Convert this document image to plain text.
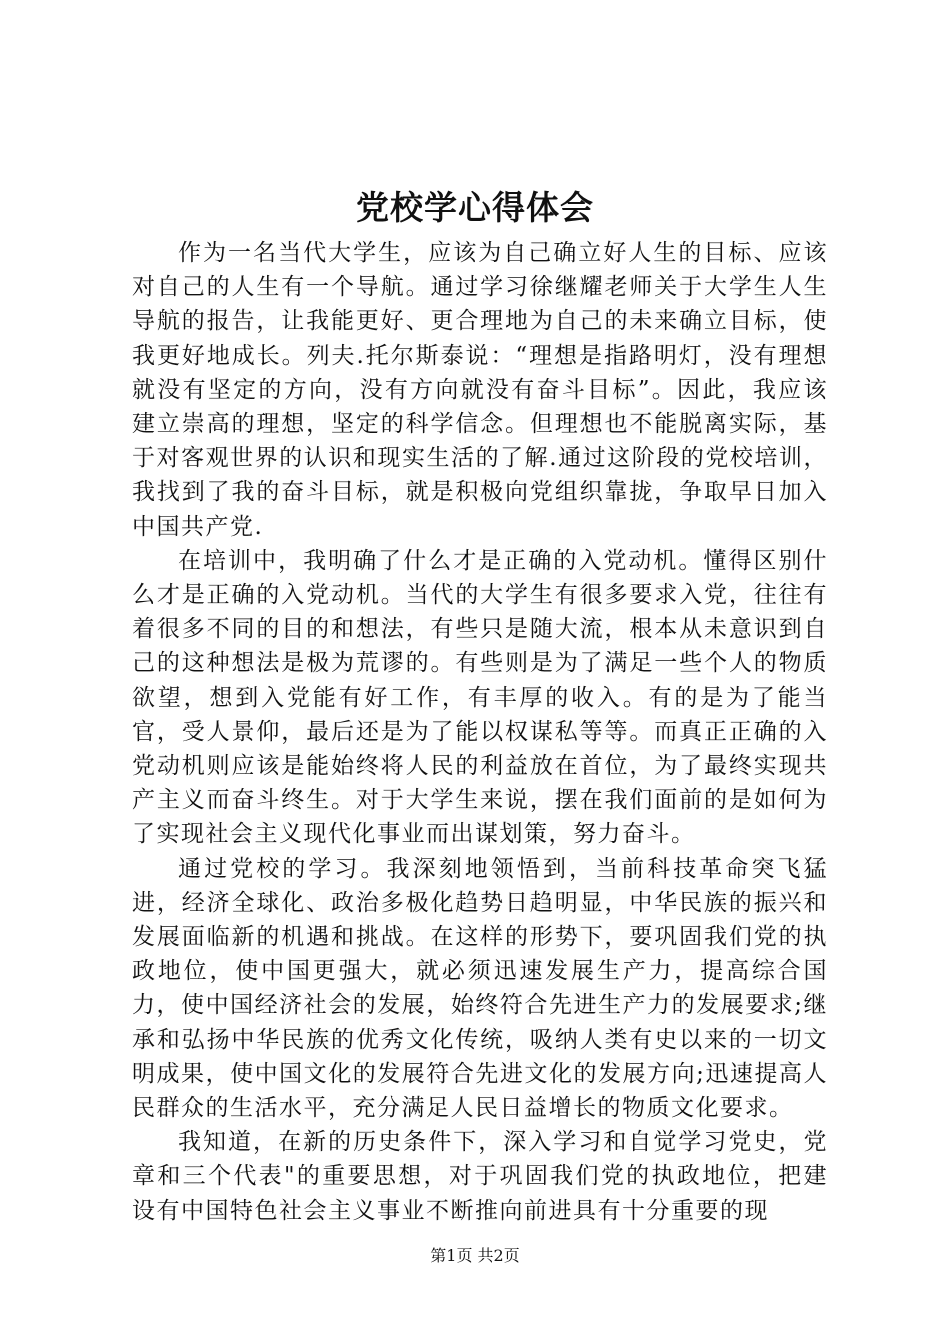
党校学心得体会

作为一名当代大学生，应该为自己确立好人生的目标、应该对自己的人生有一个导航。通过学习徐继耀老师关于大学生人生导航的报告，让我能更好、更合理地为自己的未来确立目标，使我更好地成长。列夫.托尔斯泰说：“理想是指路明灯，没有理想就没有坚定的方向，没有方向就没有奋斗目标”。因此，我应该建立崇高的理想，坚定的科学信念。但理想也不能脱离实际，基于对客观世界的认识和现实生活的了解.通过这阶段的党校培训，我找到了我的奋斗目标，就是积极向党组织靠拢，争取早日加入中国共产党.

在培训中，我明确了什么才是正确的入党动机。懂得区别什么才是正确的入党动机。当代的大学生有很多要求入党，往往有着很多不同的目的和想法，有些只是随大流，根本从未意识到自己的这种想法是极为荒谬的。有些则是为了满足一些个人的物质欲望，想到入党能有好工作，有丰厚的收入。有的是为了能当官，受人景仰，最后还是为了能以权谋私等等。而真正正确的入党动机则应该是能始终将人民的利益放在首位，为了最终实现共产主义而奋斗终生。对于大学生来说，摆在我们面前的是如何为了实现社会主义现代化事业而出谋划策，努力奋斗。

通过党校的学习。我深刻地领悟到，当前科技革命突飞猛进，经济全球化、政治多极化趋势日趋明显，中华民族的振兴和发展面临新的机遇和挑战。在这样的形势下，要巩固我们党的执政地位，使中国更强大，就必须迅速发展生产力，提高综合国力，使中国经济社会的发展，始终符合先进生产力的发展要求;继承和弘扬中华民族的优秀文化传统，吸纳人类有史以来的一切文明成果，使中国文化的发展符合先进文化的发展方向;迅速提高人民群众的生活水平，充分满足人民日益增长的物质文化要求。

我知道，在新的历史条件下，深入学习和自觉学习党史，党章和三个代表"的重要思想，对于巩固我们党的执政地位，把建设有中国特色社会主义事业不断推向前进具有十分重要的现

第1页 共2页
